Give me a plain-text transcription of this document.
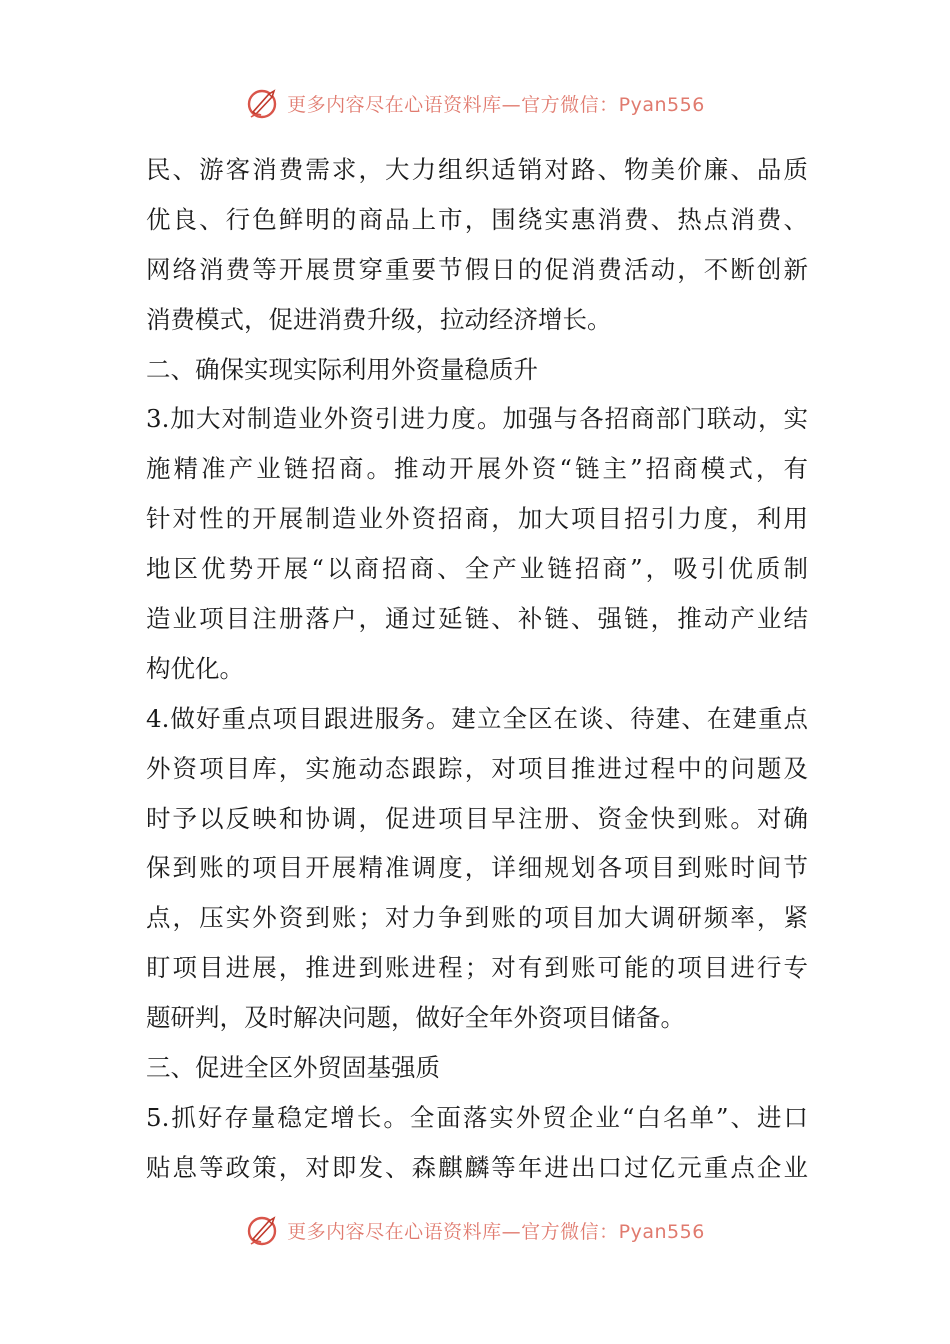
更多内容尽在心语资料库—官方微信：Pyan556
民、游客消费需求，大力组织适销对路、物美价廉、品质
优良、行色鲜明的商品上市，围绕实惠消费、热点消费、
网络消费等开展贯穿重要节假日的促消费活动，不断创新
消费模式，促进消费升级，拉动经济增长。
二、确保实现实际利用外资量稳质升
3.加大对制造业外资引进力度。加强与各招商部门联动，实
施精准产业链招商。推动开展外资“链主”招商模式，有
针对性的开展制造业外资招商，加大项目招引力度，利用
地区优势开展“以商招商、全产业链招商”，吸引优质制
造业项目注册落户，通过延链、补链、强链，推动产业结
构优化。
4.做好重点项目跟进服务。建立全区在谈、待建、在建重点
外资项目库，实施动态跟踪，对项目推进过程中的问题及
时予以反映和协调，促进项目早注册、资金快到账。对确
保到账的项目开展精准调度，详细规划各项目到账时间节
点，压实外资到账；对力争到账的项目加大调研频率，紧
盯项目进展，推进到账进程；对有到账可能的项目进行专
题研判，及时解决问题，做好全年外资项目储备。
三、促进全区外贸固基强质
5.抓好存量稳定增长。全面落实外贸企业“白名单”、进口
贴息等政策，对即发、森麒麟等年进出口过亿元重点企业
更多内容尽在心语资料库—官方微信：Pyan556
